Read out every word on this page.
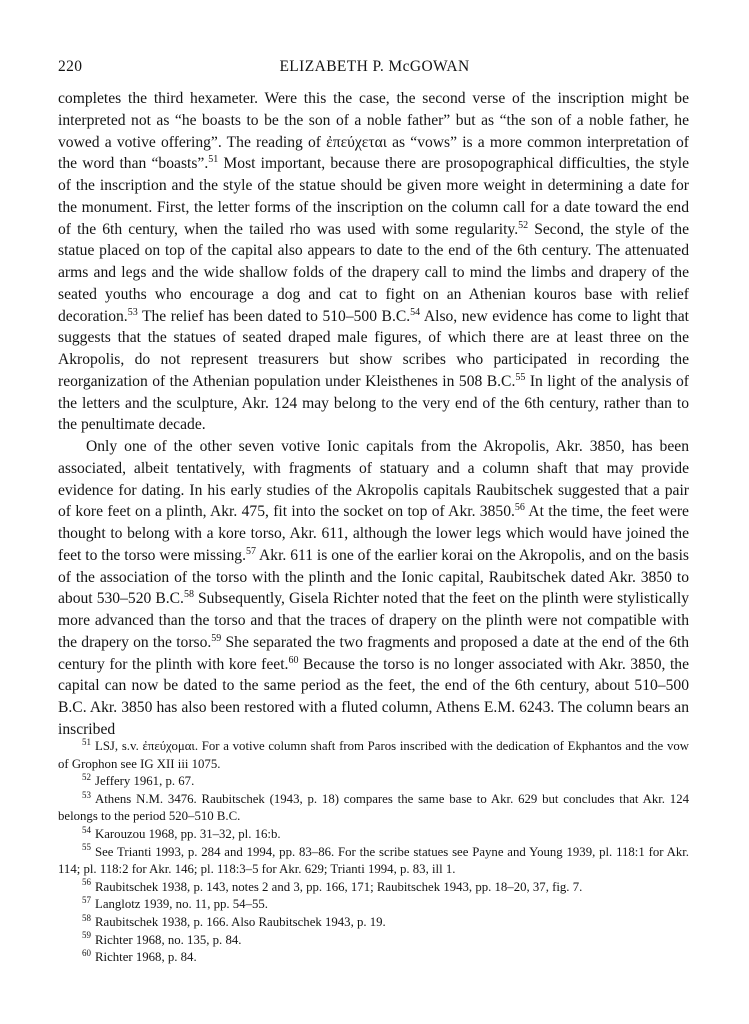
220	ELIZABETH P. McGOWAN

completes the third hexameter. Were this the case, the second verse of the inscription might be interpreted not as “he boasts to be the son of a noble father” but as “the son of a noble father, he vowed a votive offering”. The reading of ἐπεύχεται as “vows” is a more common interpretation of the word than “boasts”.$^{51}$ Most important, because there are prosopographical difficulties, the style of the inscription and the style of the statue should be given more weight in determining a date for the monument. First, the letter forms of the inscription on the column call for a date toward the end of the 6th century, when the tailed rho was used with some regularity.$^{52}$ Second, the style of the statue placed on top of the capital also appears to date to the end of the 6th century. The attenuated arms and legs and the wide shallow folds of the drapery call to mind the limbs and drapery of the seated youths who encourage a dog and cat to fight on an Athenian kouros base with relief decoration.$^{53}$ The relief has been dated to 510–500 B.C.$^{54}$ Also, new evidence has come to light that suggests that the statues of seated draped male figures, of which there are at least three on the Akropolis, do not represent treasurers but show scribes who participated in recording the reorganization of the Athenian population under Kleisthenes in 508 B.C.$^{55}$ In light of the analysis of the letters and the sculpture, Akr. 124 may belong to the very end of the 6th century, rather than to the penultimate decade.

Only one of the other seven votive Ionic capitals from the Akropolis, Akr. 3850, has been associated, albeit tentatively, with fragments of statuary and a column shaft that may provide evidence for dating. In his early studies of the Akropolis capitals Raubitschek suggested that a pair of kore feet on a plinth, Akr. 475, fit into the socket on top of Akr. 3850.56 At the time, the feet were thought to belong with a kore torso, Akr. 611, although the lower legs which would have joined the feet to the torso were missing.$^{57}$ Akr. 611 is one of the earlier korai on the Akropolis, and on the basis of the association of the torso with the plinth and the Ionic capital, Raubitschek dated Akr. 3850 to about 530–520 B.C.$^{58}$ Subsequently, Gisela Richter noted that the feet on the plinth were stylistically more advanced than the torso and that the traces of drapery on the plinth were not compatible with the drapery on the torso.$^{59}$ She separated the two fragments and proposed a date at the end of the 6th century for the plinth with kore feet.$^{60}$ Because the torso is no longer associated with Akr. 3850, the capital can now be dated to the same period as the feet, the end of the 6th century, about 510–500 B.C. Akr. 3850 has also been restored with a fluted column, Athens E.M. 6243. The column bears an inscribed

$^{51}$ LSJ, s.v. ἐπεύχομαι. For a votive column shaft from Paros inscribed with the dedication of Ekphantos and the vow of Grophon see IG XII iii 1075.

$^{52}$ Jeffery 1961, p. 67.

$^{53}$ Athens N.M. 3476. Raubitschek (1943, p. 18) compares the same base to Akr. 629 but concludes that Akr. 124 belongs to the period 520–510 B.C.

$^{54}$ Karouzou 1968, pp. 31–32, pl. 16:b.

$^{55}$ See Trianti 1993, p. 284 and 1994, pp. 83–86. For the scribe statues see Payne and Young 1939, pl. 118:1 for Akr. 114; pl. 118:2 for Akr. 146; pl. 118:3–5 for Akr. 629; Trianti 1994, p. 83, ill 1.

$^{56}$ Raubitschek 1938, p. 143, notes 2 and 3, pp. 166, 171; Raubitschek 1943, pp. 18–20, 37, fig. 7.

$^{57}$ Langlotz 1939, no. 11, pp. 54–55.

$^{58}$ Raubitschek 1938, p. 166. Also Raubitschek 1943, p. 19.

$^{59}$ Richter 1968, no. 135, p. 84.

$^{60}$ Richter 1968, p. 84.
